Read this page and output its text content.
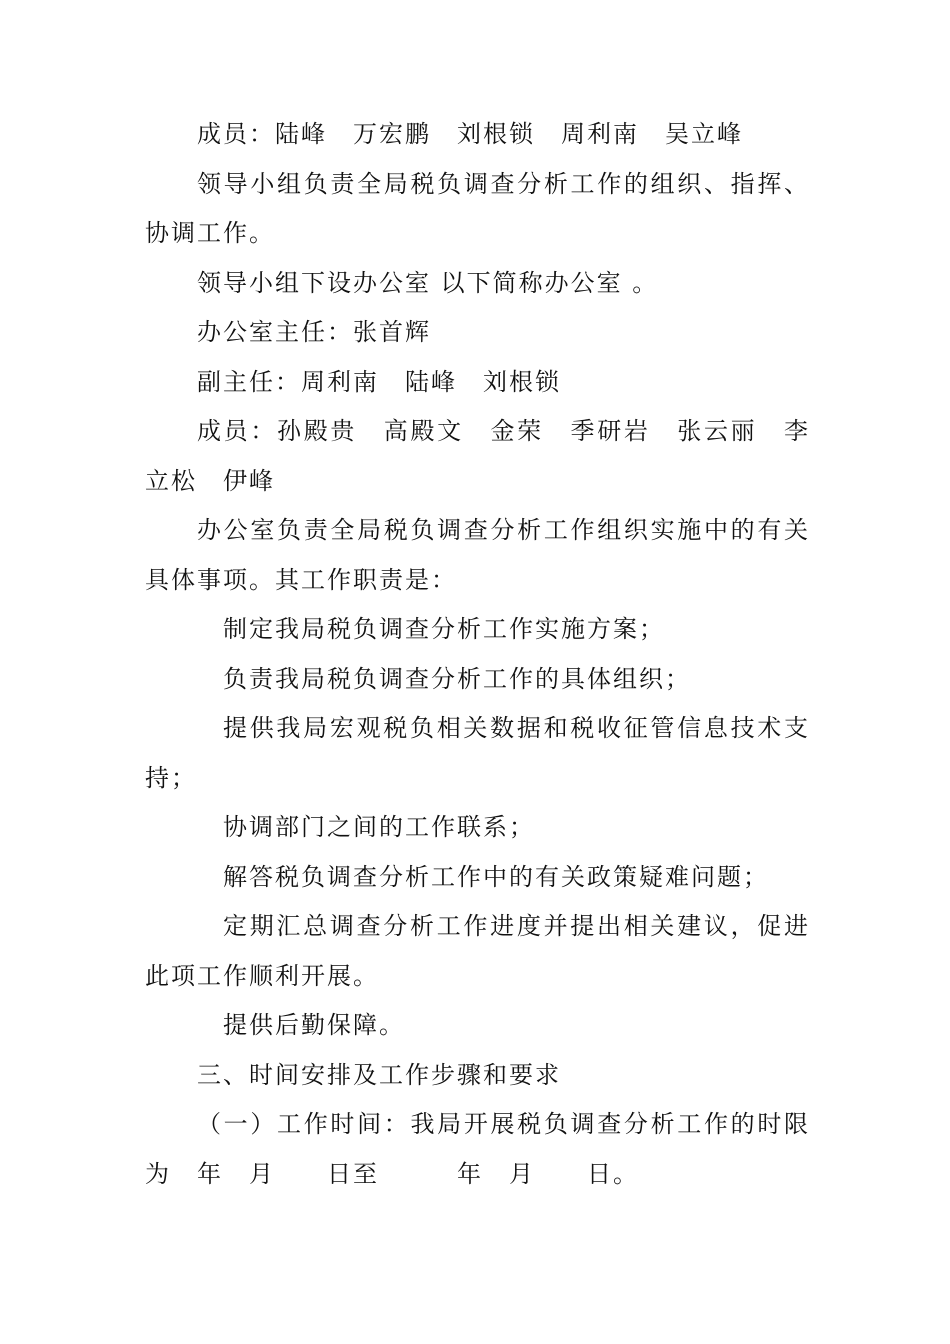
成员：陆峰　万宏鹏　刘根锁　周利南　吴立峰

领导小组负责全局税负调查分析工作的组织、指挥、协调工作。

领导小组下设办公室 以下简称办公室 。

办公室主任：张首辉

副主任：周利南　陆峰　刘根锁

成员：孙殿贵　高殿文　金荣　季研岩　张云丽　李立松　伊峰

办公室负责全局税负调查分析工作组织实施中的有关具体事项。其工作职责是：

制定我局税负调查分析工作实施方案；

负责我局税负调查分析工作的具体组织；

提供我局宏观税负相关数据和税收征管信息技术支持；

协调部门之间的工作联系；

解答税负调查分析工作中的有关政策疑难问题；

定期汇总调查分析工作进度并提出相关建议，促进此项工作顺利开展。

提供后勤保障。

三、时间安排及工作步骤和要求

（一）工作时间：我局开展税负调查分析工作的时限为　年　月　　日至　　　年　月　　日。
